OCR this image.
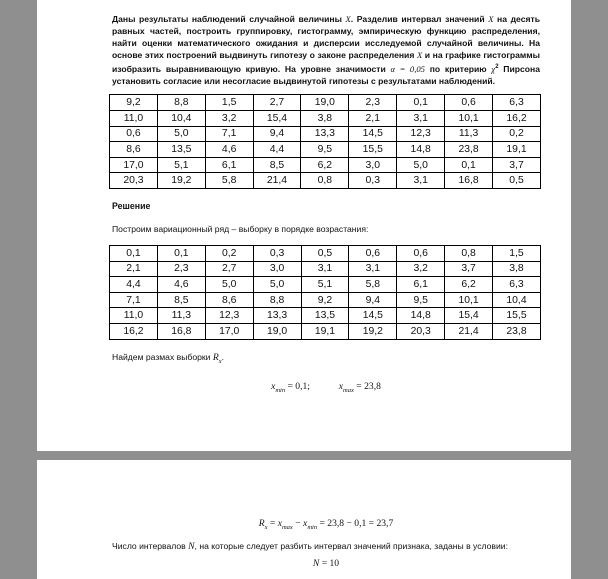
Даны результаты наблюдений случайной величины X. Разделив интервал значений X на десять равных частей, построить группировку, гистограмму, эмпирическую функцию распределения, найти оценки математического ожидания и дисперсии исследуемой случайной величины. На основе этих построений выдвинуть гипотезу о законе распределения X и на графике гистограммы изобразить выравнивающую кривую. На уровне значимости α = 0,05 по критерию $\chi^2$ Пирсона установить согласие или несогласие выдвинутой гипотезы с результатами наблюдений.

9,2	8,8	1,5	2,7	19,0	2,3	0,1	0,6	6,3
11,0	10,4	3,2	15,4	3,8	2,1	3,1	10,1	16,2
0,6	5,0	7,1	9,4	13,3	14,5	12,3	11,3	0,2
8,6	13,5	4,6	4,4	9,5	15,5	14,8	23,8	19,1
17,0	5,1	6,1	8,5	6,2	3,0	5,0	0,1	3,7
20,3	19,2	5,8	21,4	0,8	0,3	3,1	16,8	0,5

Решение

Построим вариационный ряд – выборку в порядке возрастания:

0,1	0,1	0,2	0,3	0,5	0,6	0,6	0,8	1,5
2,1	2,3	2,7	3,0	3,1	3,1	3,2	3,7	3,8
4,4	4,6	5,0	5,0	5,1	5,8	6,1	6,2	6,3
7,1	8,5	8,6	8,8	9,2	9,4	9,5	10,1	10,4
11,0	11,3	12,3	13,3	13,5	14,5	14,8	15,4	15,5
16,2	16,8	17,0	19,0	19,1	19,2	20,3	21,4	23,8

Найдем размах выборки $R_x$.

$x_{min} = 0,1$;	$x_{max} = 23,8$

$R_x = x_{max} - x_{min} = 23,8 - 0,1 = 23,7$

Число интервалов N, на которые следует разбить интервал значений признака, заданы в условии:

N = 10
